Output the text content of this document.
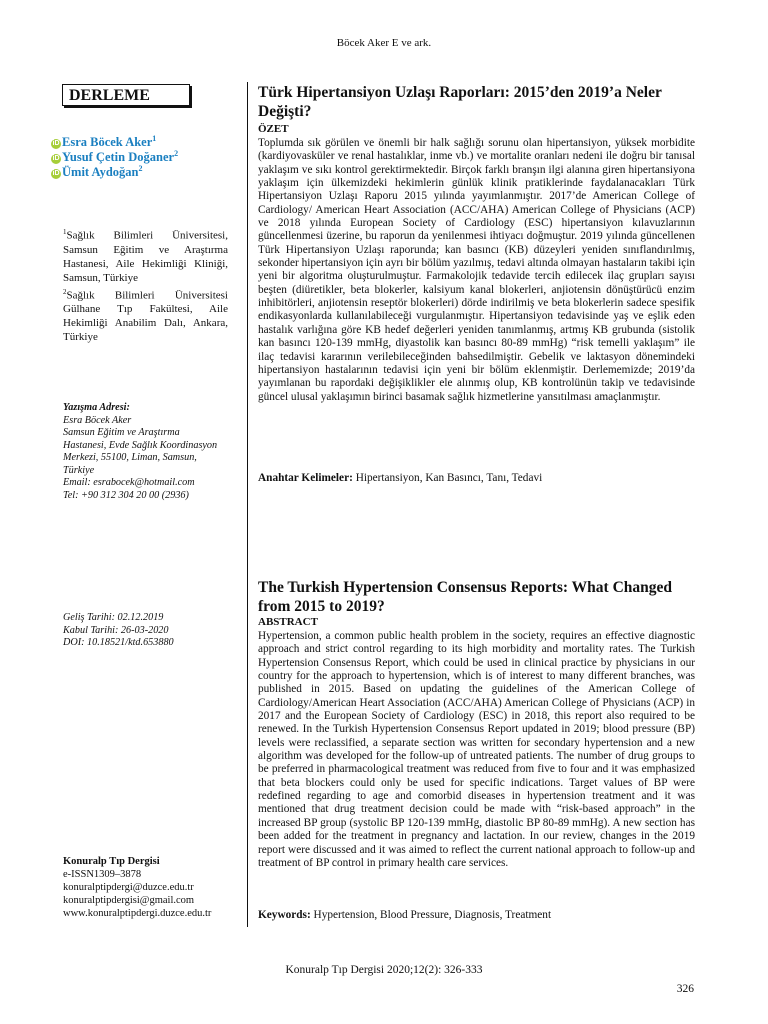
Böcek Aker E ve ark.
DERLEME
iD Esra Böcek Aker$^1$
iD Yusuf Çetin Doğaner$^2$
iD Ümit Aydoğan$^2$
$^1$Sağlık Bilimleri Üniversitesi, Samsun Eğitim ve Araştırma Hastanesi, Aile Hekimliği Kliniği, Samsun, Türkiye
$^2$Sağlık Bilimleri Üniversitesi Gülhane Tıp Fakültesi, Aile Hekimliği Anabilim Dalı, Ankara, Türkiye
Yazışma Adresi:
Esra Böcek Aker
Samsun Eğitim ve Araştırma
Hastanesi, Evde Sağlık Koordinasyon
Merkezi, 55100, Liman, Samsun,
Türkiye
Email: esrabocek@hotmail.com
Tel: +90 312 304 20 00 (2936)
Geliş Tarihi: 02.12.2019
Kabul Tarihi: 26-03-2020
DOI: 10.18521/ktd.653880
Konuralp Tıp Dergisi
e-ISSN1309–3878
konuralptipdergi@duzce.edu.tr
konuralptipdergisi@gmail.com
www.konuralptipdergi.duzce.edu.tr
Türk Hipertansiyon Uzlaşı Raporları: 2015’den 2019’a Neler Değişti?
ÖZET
Toplumda sık görülen ve önemli bir halk sağlığı sorunu olan hipertansiyon, yüksek morbidite (kardiyovasküler ve renal hastalıklar, inme vb.) ve mortalite oranları nedeni ile doğru bir tanısal yaklaşım ve sıkı kontrol gerektirmektedir. Birçok farklı branşın ilgi alanına giren hipertansiyona yaklaşım için ülkemizdeki hekimlerin günlük klinik pratiklerinde faydalanacakları Türk Hipertansiyon Uzlaşı Raporu 2015 yılında yayımlanmıştır. 2017’de American College of Cardiology/ American Heart Association (ACC/AHA) American College of Physicians (ACP) ve 2018 yılında European Society of Cardiology (ESC) hipertansiyon kılavuzlarının güncellenmesi üzerine, bu raporun da yenilenmesi ihtiyacı doğmuştur. 2019 yılında güncellenen Türk Hipertansiyon Uzlaşı raporunda; kan basıncı (KB) düzeyleri yeniden sınıflandırılmış, sekonder hipertansiyon için ayrı bir bölüm yazılmış, tedavi altında olmayan hastaların takibi için yeni bir algoritma oluşturulmuştur. Farmakolojik tedavide tercih edilecek ilaç grupları sayısı beşten (diüretikler, beta blokerler, kalsiyum kanal blokerleri, anjiotensin dönüştürücü enzim inhibitörleri, anjiotensin reseptör blokerleri) dörde indirilmiş ve beta blokerlerin sadece spesifik endikasyonlarda kullanılabileceği vurgulanmıştır. Hipertansiyon tedavisinde yaş ve eşlik eden hastalık varlığına göre KB hedef değerleri yeniden tanımlanmış, artmış KB grubunda (sistolik kan basıncı 120-139 mmHg, diyastolik kan basıncı 80-89 mmHg) “risk temelli yaklaşım” ile ilaç tedavisi kararının verilebileceğinden bahsedilmiştir. Gebelik ve laktasyon dönemindeki hipertansiyon hastalarının tedavisi için yeni bir bölüm eklenmiştir. Derlememizde; 2019’da yayımlanan bu rapordaki değişiklikler ele alınmış olup, KB kontrolünün takip ve tedavisinde güncel ulusal yaklaşımın birinci basamak sağlık hizmetlerine yansıtılması amaçlanmıştır.
Anahtar Kelimeler: Hipertansiyon, Kan Basıncı, Tanı, Tedavi
The Turkish Hypertension Consensus Reports: What Changed from 2015 to 2019?
ABSTRACT
Hypertension, a common public health problem in the society, requires an effective diagnostic approach and strict control regarding to its high morbidity and mortality rates. The Turkish Hypertension Consensus Report, which could be used in clinical practice by physicians in our country for the approach to hypertension, which is of interest to many different branches, was published in 2015. Based on updating the guidelines of the American College of Cardiology/American Heart Association (ACC/AHA) American College of Physicians (ACP) in 2017 and the European Society of Cardiology (ESC) in 2018, this report also required to be renewed. In the Turkish Hypertension Consensus Report updated in 2019; blood pressure (BP) levels were reclassified, a separate section was written for secondary hypertension and a new algorithm was developed for the follow-up of untreated patients. The number of drug groups to be preferred in pharmacological treatment was reduced from five to four and it was emphasized that beta blockers could only be used for specific indications. Target values of BP were redefined regarding to age and comorbid diseases in hypertension treatment and it was mentioned that drug treatment decision could be made with “risk-based approach” in the increased BP group (systolic BP 120-139 mmHg, diastolic BP 80-89 mmHg). A new section has been added for the treatment in pregnancy and lactation. In our review, changes in the 2019 report were discussed and it was aimed to reflect the current national approach to follow-up and treatment of BP control in primary health care services.
Keywords: Hypertension, Blood Pressure, Diagnosis, Treatment
Konuralp Tıp Dergisi 2020;12(2): 326-333
326
